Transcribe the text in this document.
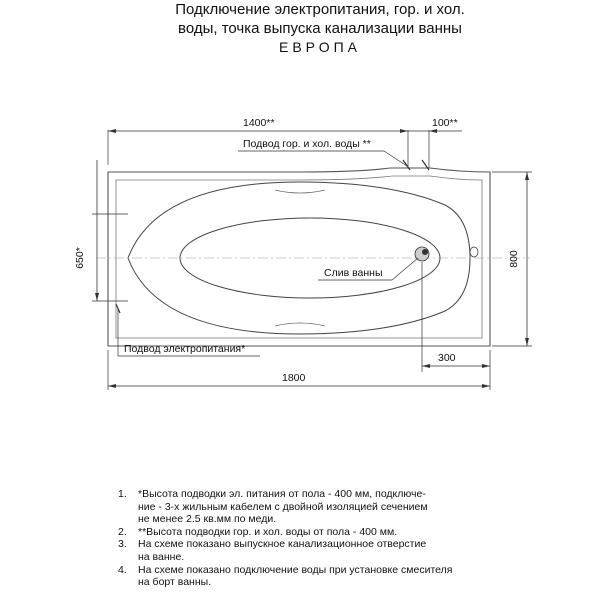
Подключение электропитания, гор. и хол.
воды, точка выпуска канализации ванны
ЕВРОПА
1400**	100**
Подвод гор. и хол. воды **
650*	800
Слив ванны
300
Подвод электропитания*
1800
1.	*Высота подводки эл. питания от пола - 400 мм, подключе-
ние - 3-х жильным кабелем с двойной изоляцией сечением
не менее 2.5 кв.мм по меди.
2.	**Высота подводки гор. и хол. воды от пола - 400 мм.
3.	На схеме показано выпускное канализационное отверстие
на ванне.
4.	На схеме показано подключение воды при установке смесителя
на борт ванны.
